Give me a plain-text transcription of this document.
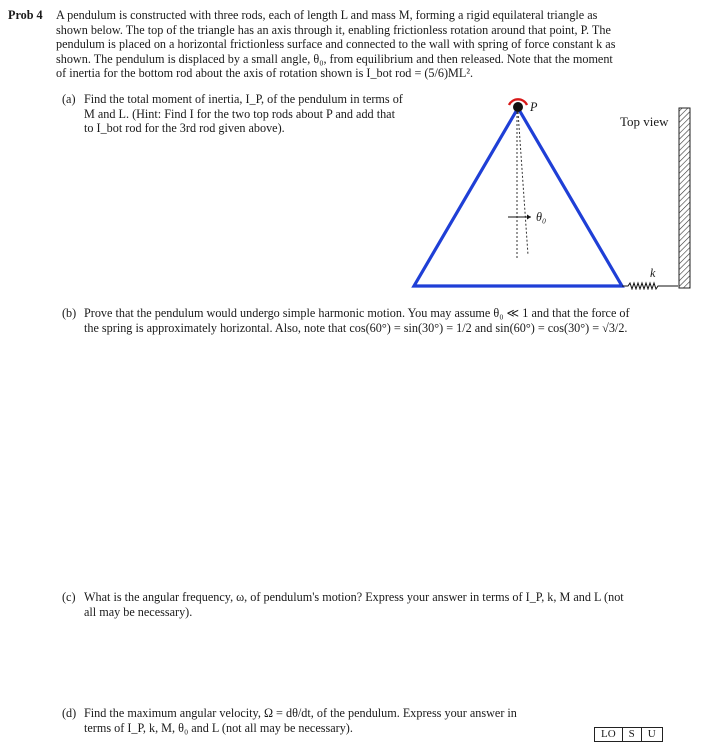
Prob 4 A pendulum is constructed with three rods, each of length L and mass M, forming a rigid equilateral triangle as
shown below. The top of the triangle has an axis through it, enabling frictionless rotation around that point, P. The
pendulum is placed on a horizontal frictionless surface and connected to the wall with spring of force constant k as
shown. The pendulum is displaced by a small angle, θ₀, from equilibrium and then released. Note that the moment
of inertia for the bottom rod about the axis of rotation shown is I_bot rod = (5/6)ML².
(a) Find the total moment of inertia, I_P, of the pendulum in terms of
M and L. (Hint: Find I for the two top rods about P and add that
to I_bot rod for the 3rd rod given above).
P
Top view
θ₀
k
(b) Prove that the pendulum would undergo simple harmonic motion. You may assume θ₀ ≪ 1 and that the force of
the spring is approximately horizontal. Also, note that cos(60°) = sin(30°) = 1/2 and sin(60°) = cos(30°) = √3/2.
(c) What is the angular frequency, ω, of pendulum's motion? Express your answer in terms of I_P, k, M and L (not
all may be necessary).
(d) Find the maximum angular velocity, Ω = dθ/dt, of the pendulum. Express your answer in
terms of I_P, k, M, θ₀ and L (not all may be necessary).	LO	S	U
